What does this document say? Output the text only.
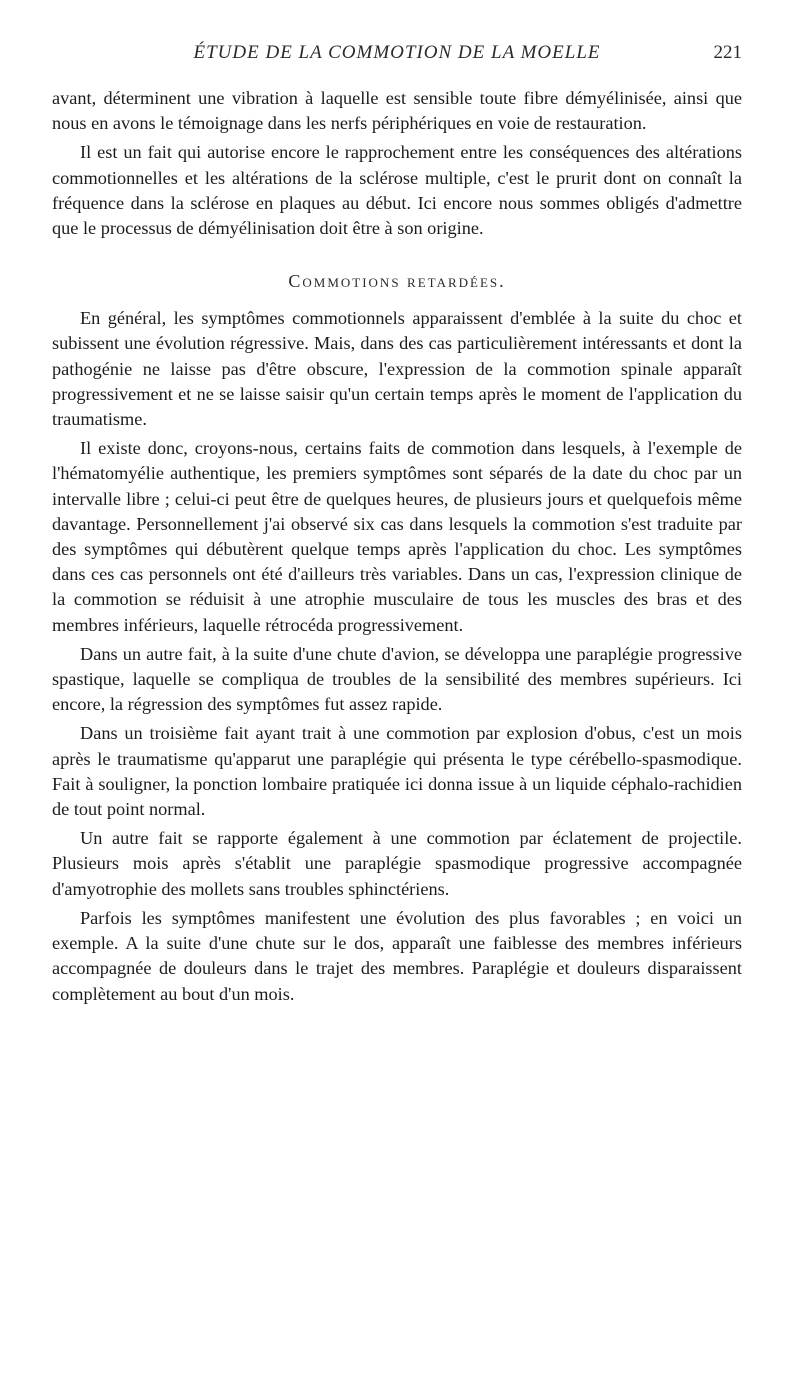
ÉTUDE DE LA COMMOTION DE LA MOELLE	221

avant, déterminent une vibration à laquelle est sensible toute fibre démyélinisée, ainsi que nous en avons le témoignage dans les nerfs périphériques en voie de restauration.

Il est un fait qui autorise encore le rapprochement entre les conséquences des altérations commotionnelles et les altérations de la sclérose multiple, c'est le prurit dont on connaît la fréquence dans la sclérose en plaques au début. Ici encore nous sommes obligés d'admettre que le processus de démyélinisation doit être à son origine.

Commotions retardées.

En général, les symptômes commotionnels apparaissent d'emblée à la suite du choc et subissent une évolution régressive. Mais, dans des cas particulièrement intéressants et dont la pathogénie ne laisse pas d'être obscure, l'expression de la commotion spinale apparaît progressivement et ne se laisse saisir qu'un certain temps après le moment de l'application du traumatisme.

Il existe donc, croyons-nous, certains faits de commotion dans lesquels, à l'exemple de l'hématomyélie authentique, les premiers symptômes sont séparés de la date du choc par un intervalle libre ; celui-ci peut être de quelques heures, de plusieurs jours et quelquefois même davantage. Personnellement j'ai observé six cas dans lesquels la commotion s'est traduite par des symptômes qui débutèrent quelque temps après l'application du choc. Les symptômes dans ces cas personnels ont été d'ailleurs très variables. Dans un cas, l'expression clinique de la commotion se réduisit à une atrophie musculaire de tous les muscles des bras et des membres inférieurs, laquelle rétrocéda progressivement.

Dans un autre fait, à la suite d'une chute d'avion, se développa une paraplégie progressive spastique, laquelle se compliqua de troubles de la sensibilité des membres supérieurs. Ici encore, la régression des symptômes fut assez rapide.

Dans un troisième fait ayant trait à une commotion par explosion d'obus, c'est un mois après le traumatisme qu'apparut une paraplégie qui présenta le type cérébello-spasmodique. Fait à souligner, la ponction lombaire pratiquée ici donna issue à un liquide céphalo-rachidien de tout point normal.

Un autre fait se rapporte également à une commotion par éclatement de projectile. Plusieurs mois après s'établit une paraplégie spasmodique progressive accompagnée d'amyotrophie des mollets sans troubles sphinctériens.

Parfois les symptômes manifestent une évolution des plus favorables ; en voici un exemple. A la suite d'une chute sur le dos, apparaît une faiblesse des membres inférieurs accompagnée de douleurs dans le trajet des membres. Paraplégie et douleurs disparaissent complètement au bout d'un mois.
